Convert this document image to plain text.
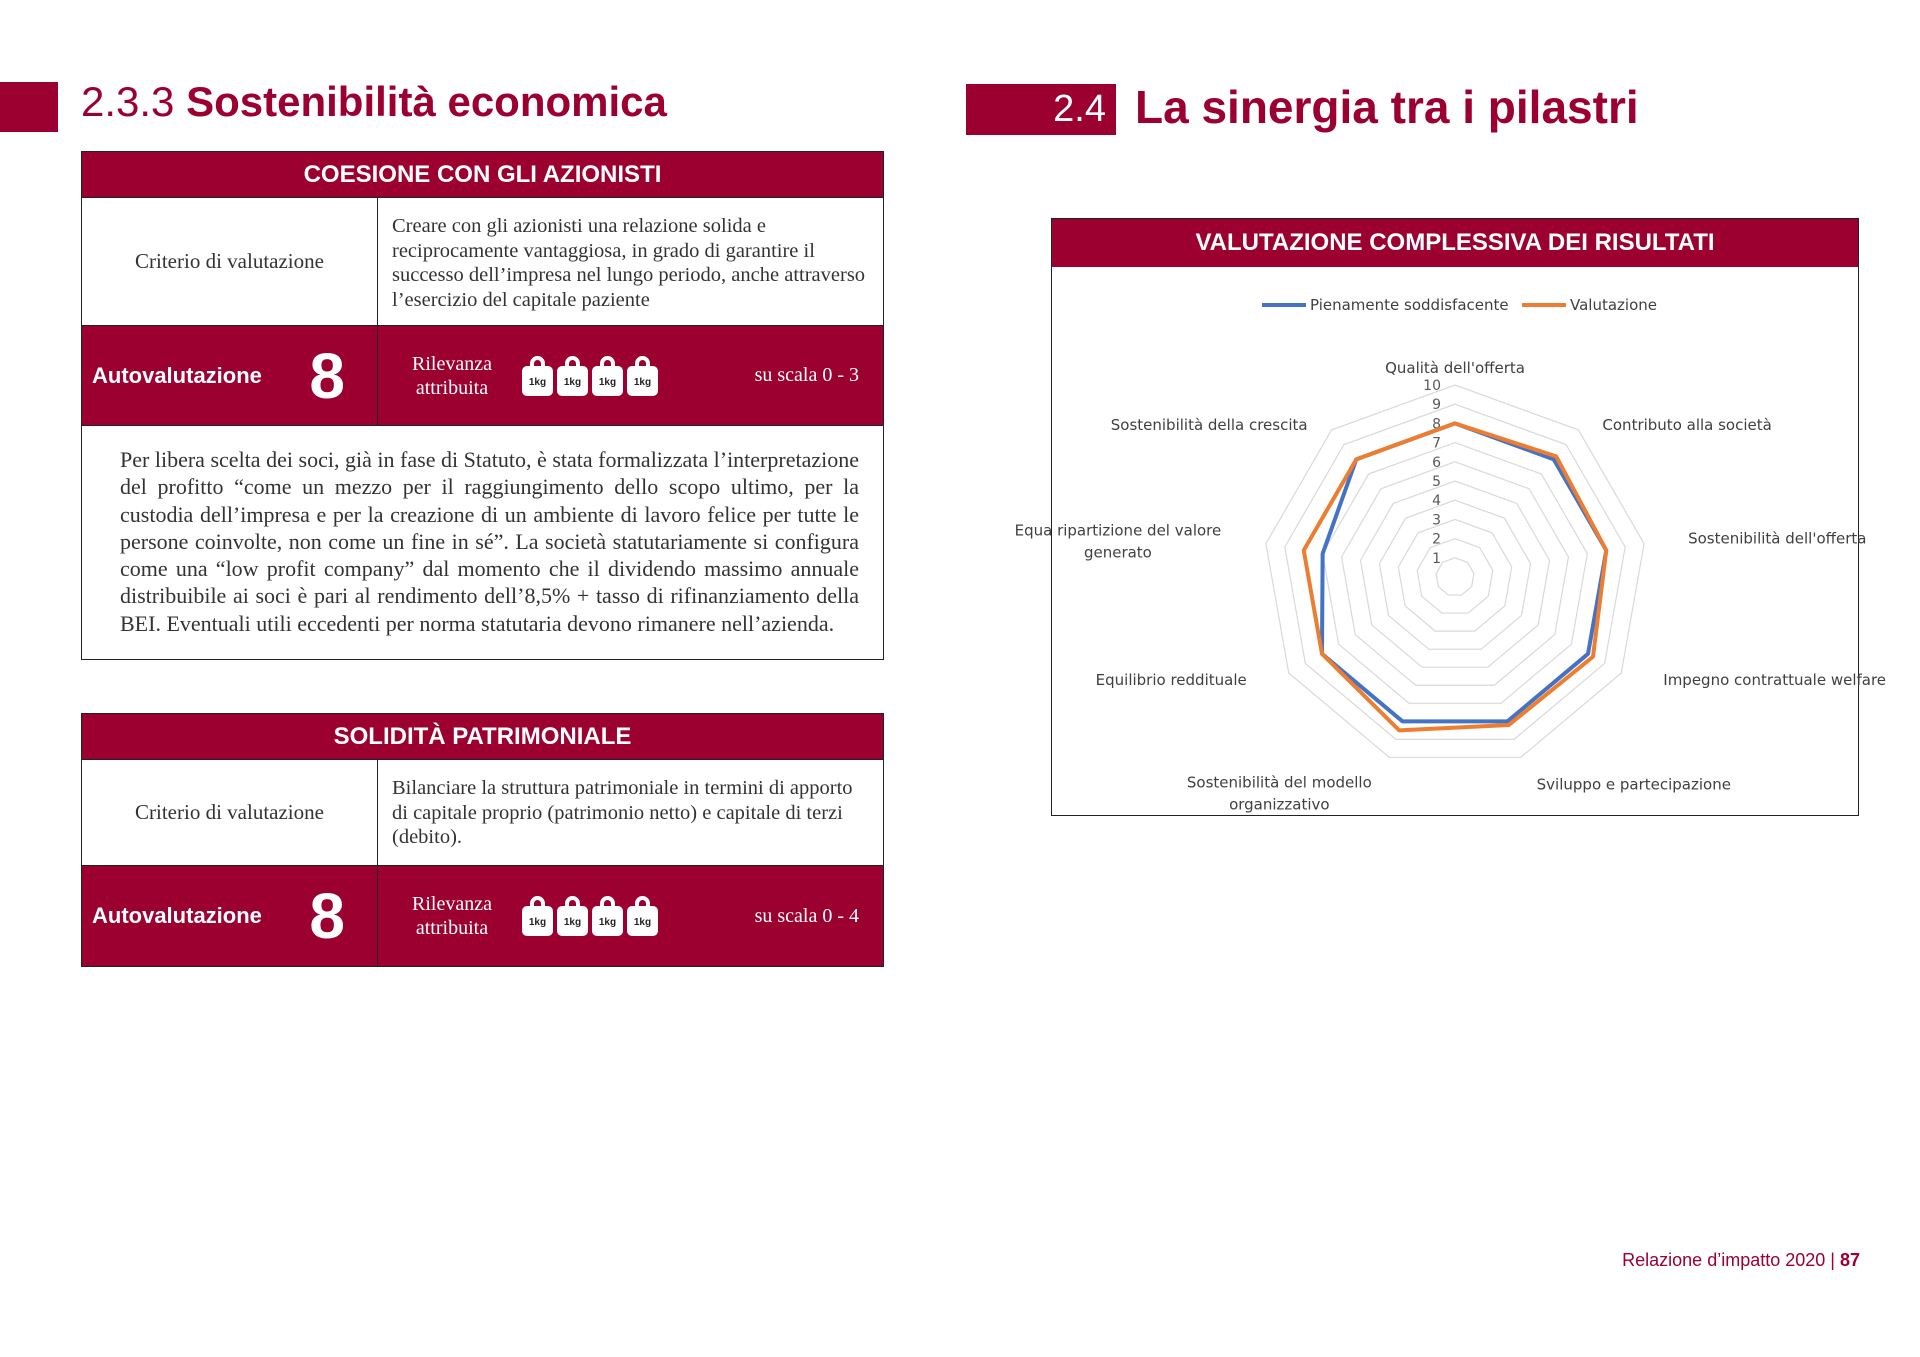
2.3.3 Sostenibilità economica	2.4 La sinergia tra i pilastri
COESIONE CON GLI AZIONISTI
Criterio di valutazione
Creare con gli azionisti una relazione solida e reciprocamente vantaggiosa, in grado di garantire il successo dell’impresa nel lungo periodo, anche attraverso l’esercizio del capitale paziente
Autovalutazione 8	Rilevanza
attribuita	1kg	1kg	1kg	1kg	su scala 0 - 3
Per libera scelta dei soci, già in fase di Statuto, è stata formalizzata l’interpretazione del profitto “come un mezzo per il raggiungimento dello scopo ultimo, per la custodia dell’impresa e per la creazione di un ambiente di lavoro felice per tutte le persone coinvolte, non come un fine in sé”. La società statutariamente si configura come una “low profit company” dal momento che il dividendo massimo annuale distribuibile ai soci è pari al rendimento dell’8,5% + tasso di rifinanziamento della BEI. Eventuali utili eccedenti per norma statutaria devono rimanere nell’azienda.
SOLIDITÀ PATRIMONIALE
Criterio di valutazione
Bilanciare la struttura patrimoniale in termini di apporto di capitale proprio (patrimonio netto) e capitale di terzi (debito).
Autovalutazione 8	Rilevanza
attribuita	1kg	1kg	1kg	1kg	su scala 0 - 4
VALUTAZIONE COMPLESSIVA DEI RISULTATI
1
2
3
4
5
6
7
8
9
10
Qualità dell'offerta
Contributo alla società
Sostenibilità dell'offerta
Impegno contrattuale welfare
Sviluppo e partecipazione
Sostenibilità del modello
organizzativo
Equilibrio reddituale
Equa ripartizione del valore
generato
Sostenibilità della crescita
Pienamente soddisfacente	Valutazione
Relazione d’impatto 2020 | 87
